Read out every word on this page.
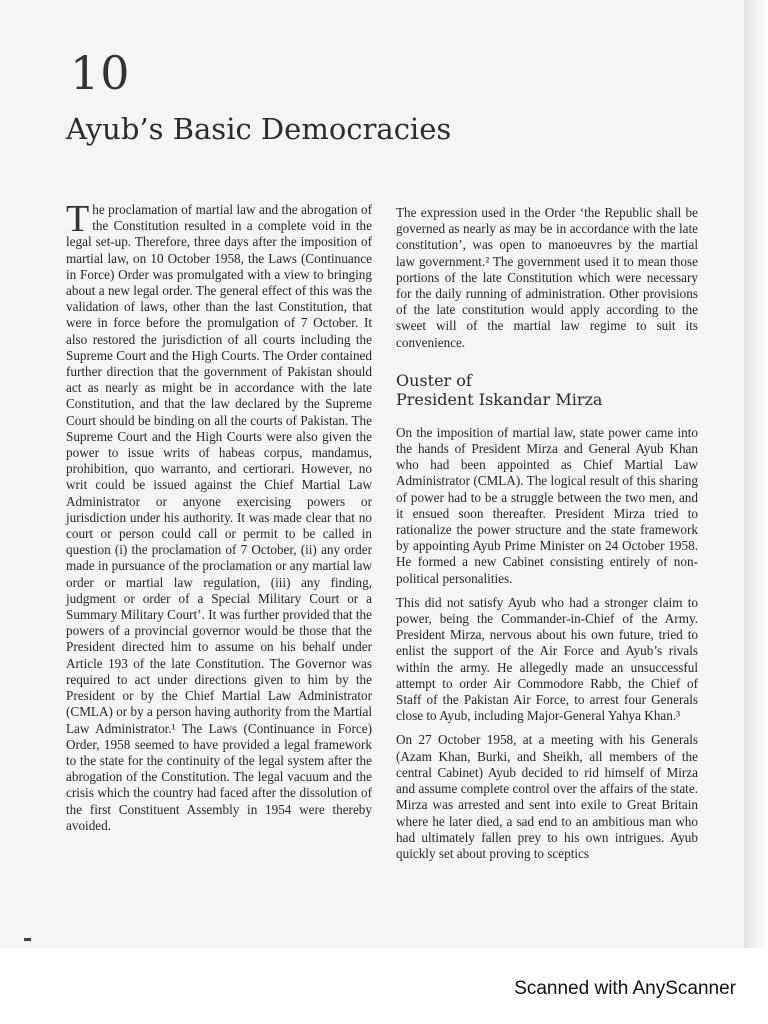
10
Ayub’s Basic Democracies

The proclamation of martial law and the abrogation of the Constitution resulted in a complete void in the legal set-up. Therefore, three days after the imposition of martial law, on 10 October 1958, the Laws (Continuance in Force) Order was promulgated with a view to bringing about a new legal order. The general effect of this was the validation of laws, other than the last Constitution, that were in force before the promulgation of 7 October. It also restored the jurisdiction of all courts including the Supreme Court and the High Courts. The Order contained further direction that the government of Pakistan should act as nearly as might be in accordance with the late Constitution, and that the law declared by the Supreme Court should be binding on all the courts of Pakistan. The Supreme Court and the High Courts were also given the power to issue writs of habeas corpus, mandamus, prohibition, quo warranto, and certiorari. However, no writ could be issued against the Chief Martial Law Administrator or anyone exercising powers or jurisdiction under his authority. It was made clear that no court or person could call or permit to be called in question (i) the proclamation of 7 October, (ii) any order made in pursuance of the proclamation or any martial law order or martial law regulation, (iii) any finding, judgment or order of a Special Military Court or a Summary Military Court’. It was further provided that the powers of a provincial governor would be those that the President directed him to assume on his behalf under Article 193 of the late Constitution. The Governor was required to act under directions given to him by the President or by the Chief Martial Law Administrator (CMLA) or by a person having authority from the Martial Law Administrator.¹ The Laws (Continuance in Force) Order, 1958 seemed to have provided a legal framework to the state for the continuity of the legal system after the abrogation of the Constitution. The legal vacuum and the crisis which the country had faced after the dissolution of the first Constituent Assembly in 1954 were thereby avoided.

The expression used in the Order ‘the Republic shall be governed as nearly as may be in accordance with the late constitution’, was open to manoeuvres by the martial law government.² The government used it to mean those portions of the late Constitution which were necessary for the daily running of administration. Other provisions of the late constitution would apply according to the sweet will of the martial law regime to suit its convenience.

Ouster of
President Iskandar Mirza

On the imposition of martial law, state power came into the hands of President Mirza and General Ayub Khan who had been appointed as Chief Martial Law Administrator (CMLA). The logical result of this sharing of power had to be a struggle between the two men, and it ensued soon thereafter. President Mirza tried to rationalize the power structure and the state framework by appointing Ayub Prime Minister on 24 October 1958. He formed a new Cabinet consisting entirely of non-political personalities.

This did not satisfy Ayub who had a stronger claim to power, being the Commander-in-Chief of the Army. President Mirza, nervous about his own future, tried to enlist the support of the Air Force and Ayub’s rivals within the army. He allegedly made an unsuccessful attempt to order Air Commodore Rabb, the Chief of Staff of the Pakistan Air Force, to arrest four Generals close to Ayub, including Major-General Yahya Khan.³

On 27 October 1958, at a meeting with his Generals (Azam Khan, Burki, and Sheikh, all members of the central Cabinet) Ayub decided to rid himself of Mirza and assume complete control over the affairs of the state. Mirza was arrested and sent into exile to Great Britain where he later died, a sad end to an ambitious man who had ultimately fallen prey to his own intrigues. Ayub quickly set about proving to sceptics

Scanned with AnyScanner
